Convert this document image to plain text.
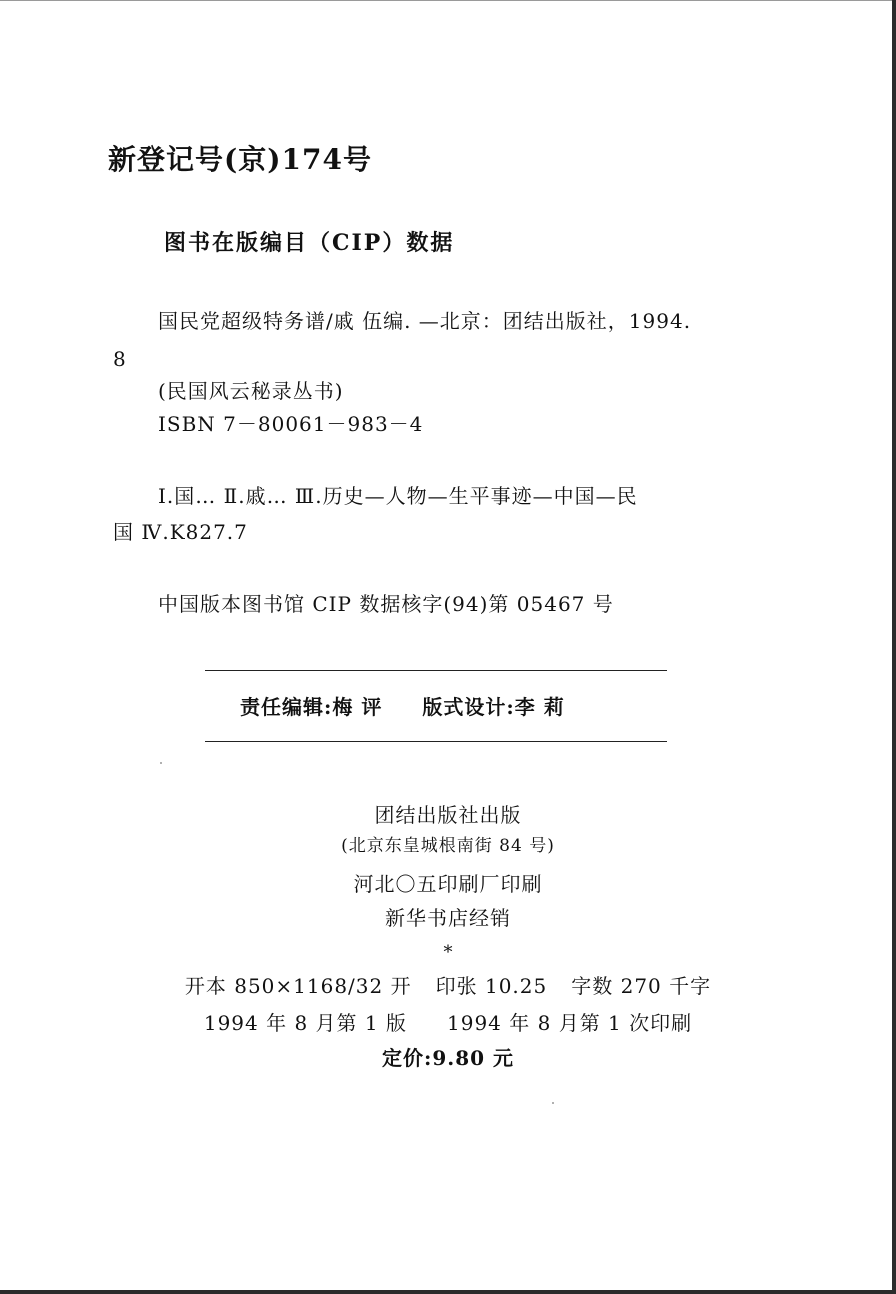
新登记号(京)174号
图书在版编目（CIP）数据
国民党超级特务谱/戚 伍编. —北京：团结出版社，1994.
8
(民国风云秘录丛书)
ISBN 7－80061－983－4
Ⅰ.国… Ⅱ.戚… Ⅲ.历史—人物—生平事迹—中国—民
国 Ⅳ.K827.7
中国版本图书馆 CIP 数据核字(94)第 05467 号
责任编辑:梅 评 版式设计:李 莉
团结出版社出版
(北京东皇城根南街 84 号)
河北〇五印刷厂印刷
新华书店经销
*
开本 850×1168/32 开 印张 10.25 字数 270 千字
1994 年 8 月第 1 版 1994 年 8 月第 1 次印刷
定价:9.80 元
